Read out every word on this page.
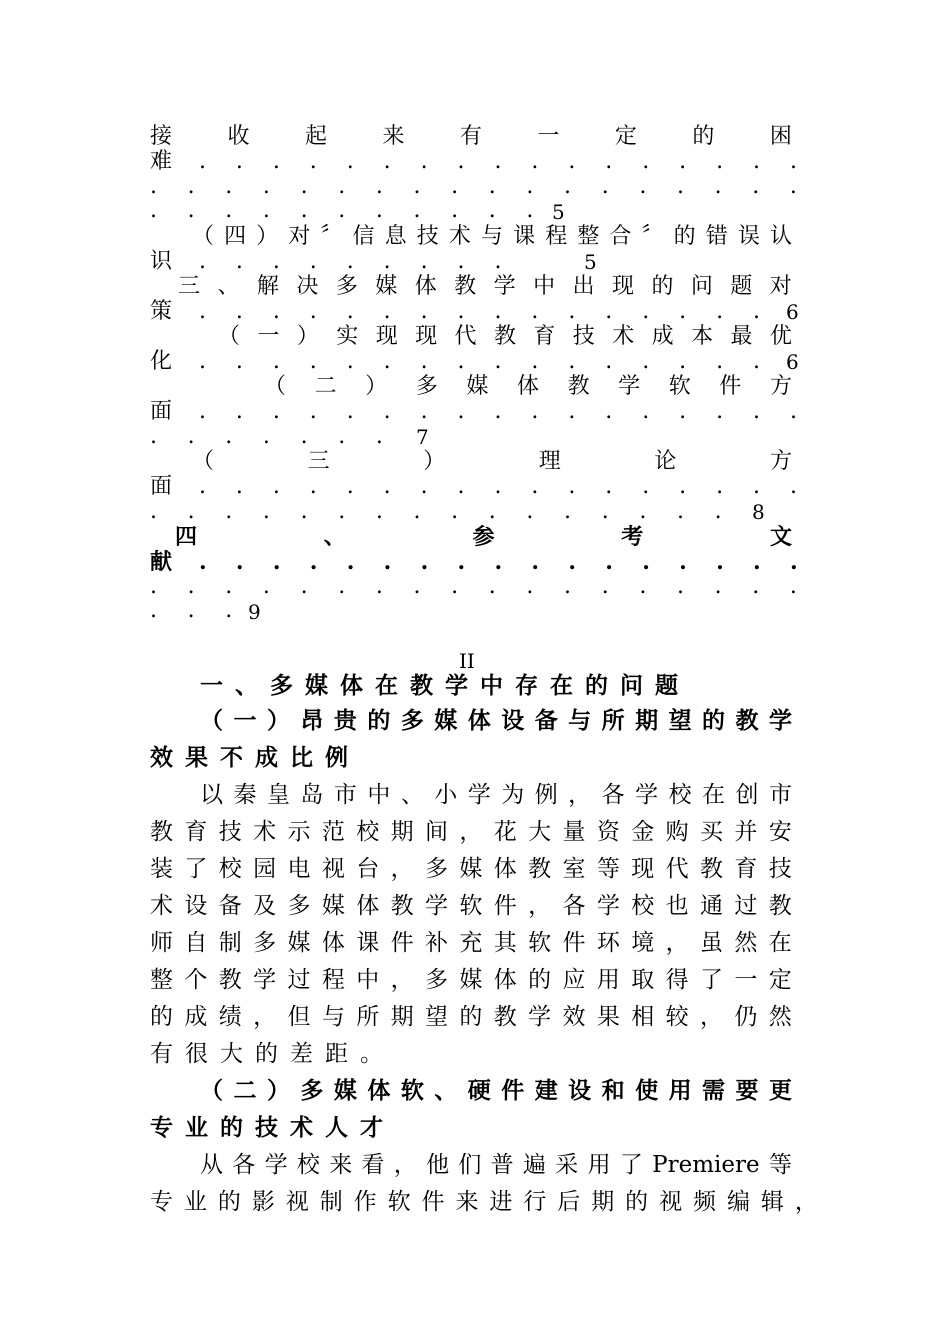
接	收	起	来	有	一	定	的	困
难 . . . . . . . . . . . . . . . . .
. . . . . . . . . . . . . . . . . .
. . . . . . . . . . . 5
（ 四 ） 对 〞 信 息 技 术 与 课 程 整 合 〞 的 错 误 认
识 . . . . . . . . .	5
三 、 解 决 多 媒 体 教 学 中 出 现 的 问 题 对
策 . . . . . . . . . . . . . . . . 6
（ 一 ） 实 现 现 代 教 育 技 术 成 本 最 优
化 . . . . . . . . . . . . . . . . 6
（ 二 ） 多 媒 体 教 学 软 件 方
面 . . . . . . . . . . . . . . . . .
. . . . . . . 7
（	三	）	理	论	方
面 . . . . . . . . . . . . . . . . .
. . . . . . . . . . . . . . . . 8
四	、	参	考	文
献 . . . . . . . . . . . . . . . . .
. . . . . . . . . . . . . . . . . .
. . . 9
II
一、多媒体在教学中存在的问题
（ 一 ） 昂 贵 的 多 媒 体 设 备 与 所 期 望 的 教 学
效 果 不 成 比 例
以 秦 皇 岛 市 中 、 小 学 为 例 ， 各 学 校 在 创 市
教 育 技 术 示 范 校 期 间 ， 花 大 量 资 金 购 买 并 安
装 了 校 园 电 视 台 ， 多 媒 体 教 室 等 现 代 教 育 技
术 设 备 及 多 媒 体 教 学 软 件 ， 各 学 校 也 通 过 教
师 自 制 多 媒 体 课 件 补 充 其 软 件 环 境 ， 虽 然 在
整 个 教 学 过 程 中 ， 多 媒 体 的 应 用 取 得 了 一 定
的 成 绩 ， 但 与 所 期 望 的 教 学 效 果 相 较 ， 仍 然
有 很 大 的 差 距 。
（ 二 ） 多 媒 体 软 、 硬 件 建 设 和 使 用 需 要 更
专 业 的 技 术 人 才
从 各 学 校 来 看 ， 他 们 普 遍 采 用 了 Premiere 等
专 业 的 影 视 制 作 软 件 来 进 行 后 期 的 视 频 编 辑 ，
